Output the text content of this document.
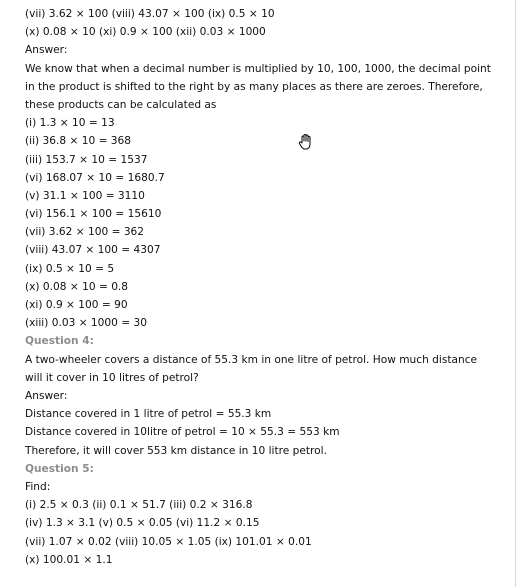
(vii) 3.62 × 100 (viii) 43.07 × 100 (ix) 0.5 × 10
(x) 0.08 × 10 (xi) 0.9 × 100 (xii) 0.03 × 1000
Answer:
We know that when a decimal number is multiplied by 10, 100, 1000, the decimal point in the product is shifted to the right by as many places as there are zeroes. Therefore, these products can be calculated as
(i) 1.3 × 10 = 13
(ii) 36.8 × 10 = 368
(iii) 153.7 × 10 = 1537
(vi) 168.07 × 10 = 1680.7
(v) 31.1 × 100 = 3110
(vi) 156.1 × 100 = 15610
(vii) 3.62 × 100 = 362
(viii) 43.07 × 100 = 4307
(ix) 0.5 × 10 = 5
(x) 0.08 × 10 = 0.8
(xi) 0.9 × 100 = 90
(xiii) 0.03 × 1000 = 30
Question 4:
A two-wheeler covers a distance of 55.3 km in one litre of petrol. How much distance will it cover in 10 litres of petrol?
Answer:
Distance covered in 1 litre of petrol = 55.3 km
Distance covered in 10litre of petrol = 10 × 55.3 = 553 km
Therefore, it will cover 553 km distance in 10 litre petrol.
Question 5:
Find:
(i) 2.5 × 0.3 (ii) 0.1 × 51.7 (iii) 0.2 × 316.8
(iv) 1.3 × 3.1 (v) 0.5 × 0.05 (vi) 11.2 × 0.15
(vii) 1.07 × 0.02 (viii) 10.05 × 1.05 (ix) 101.01 × 0.01
(x) 100.01 × 1.1
